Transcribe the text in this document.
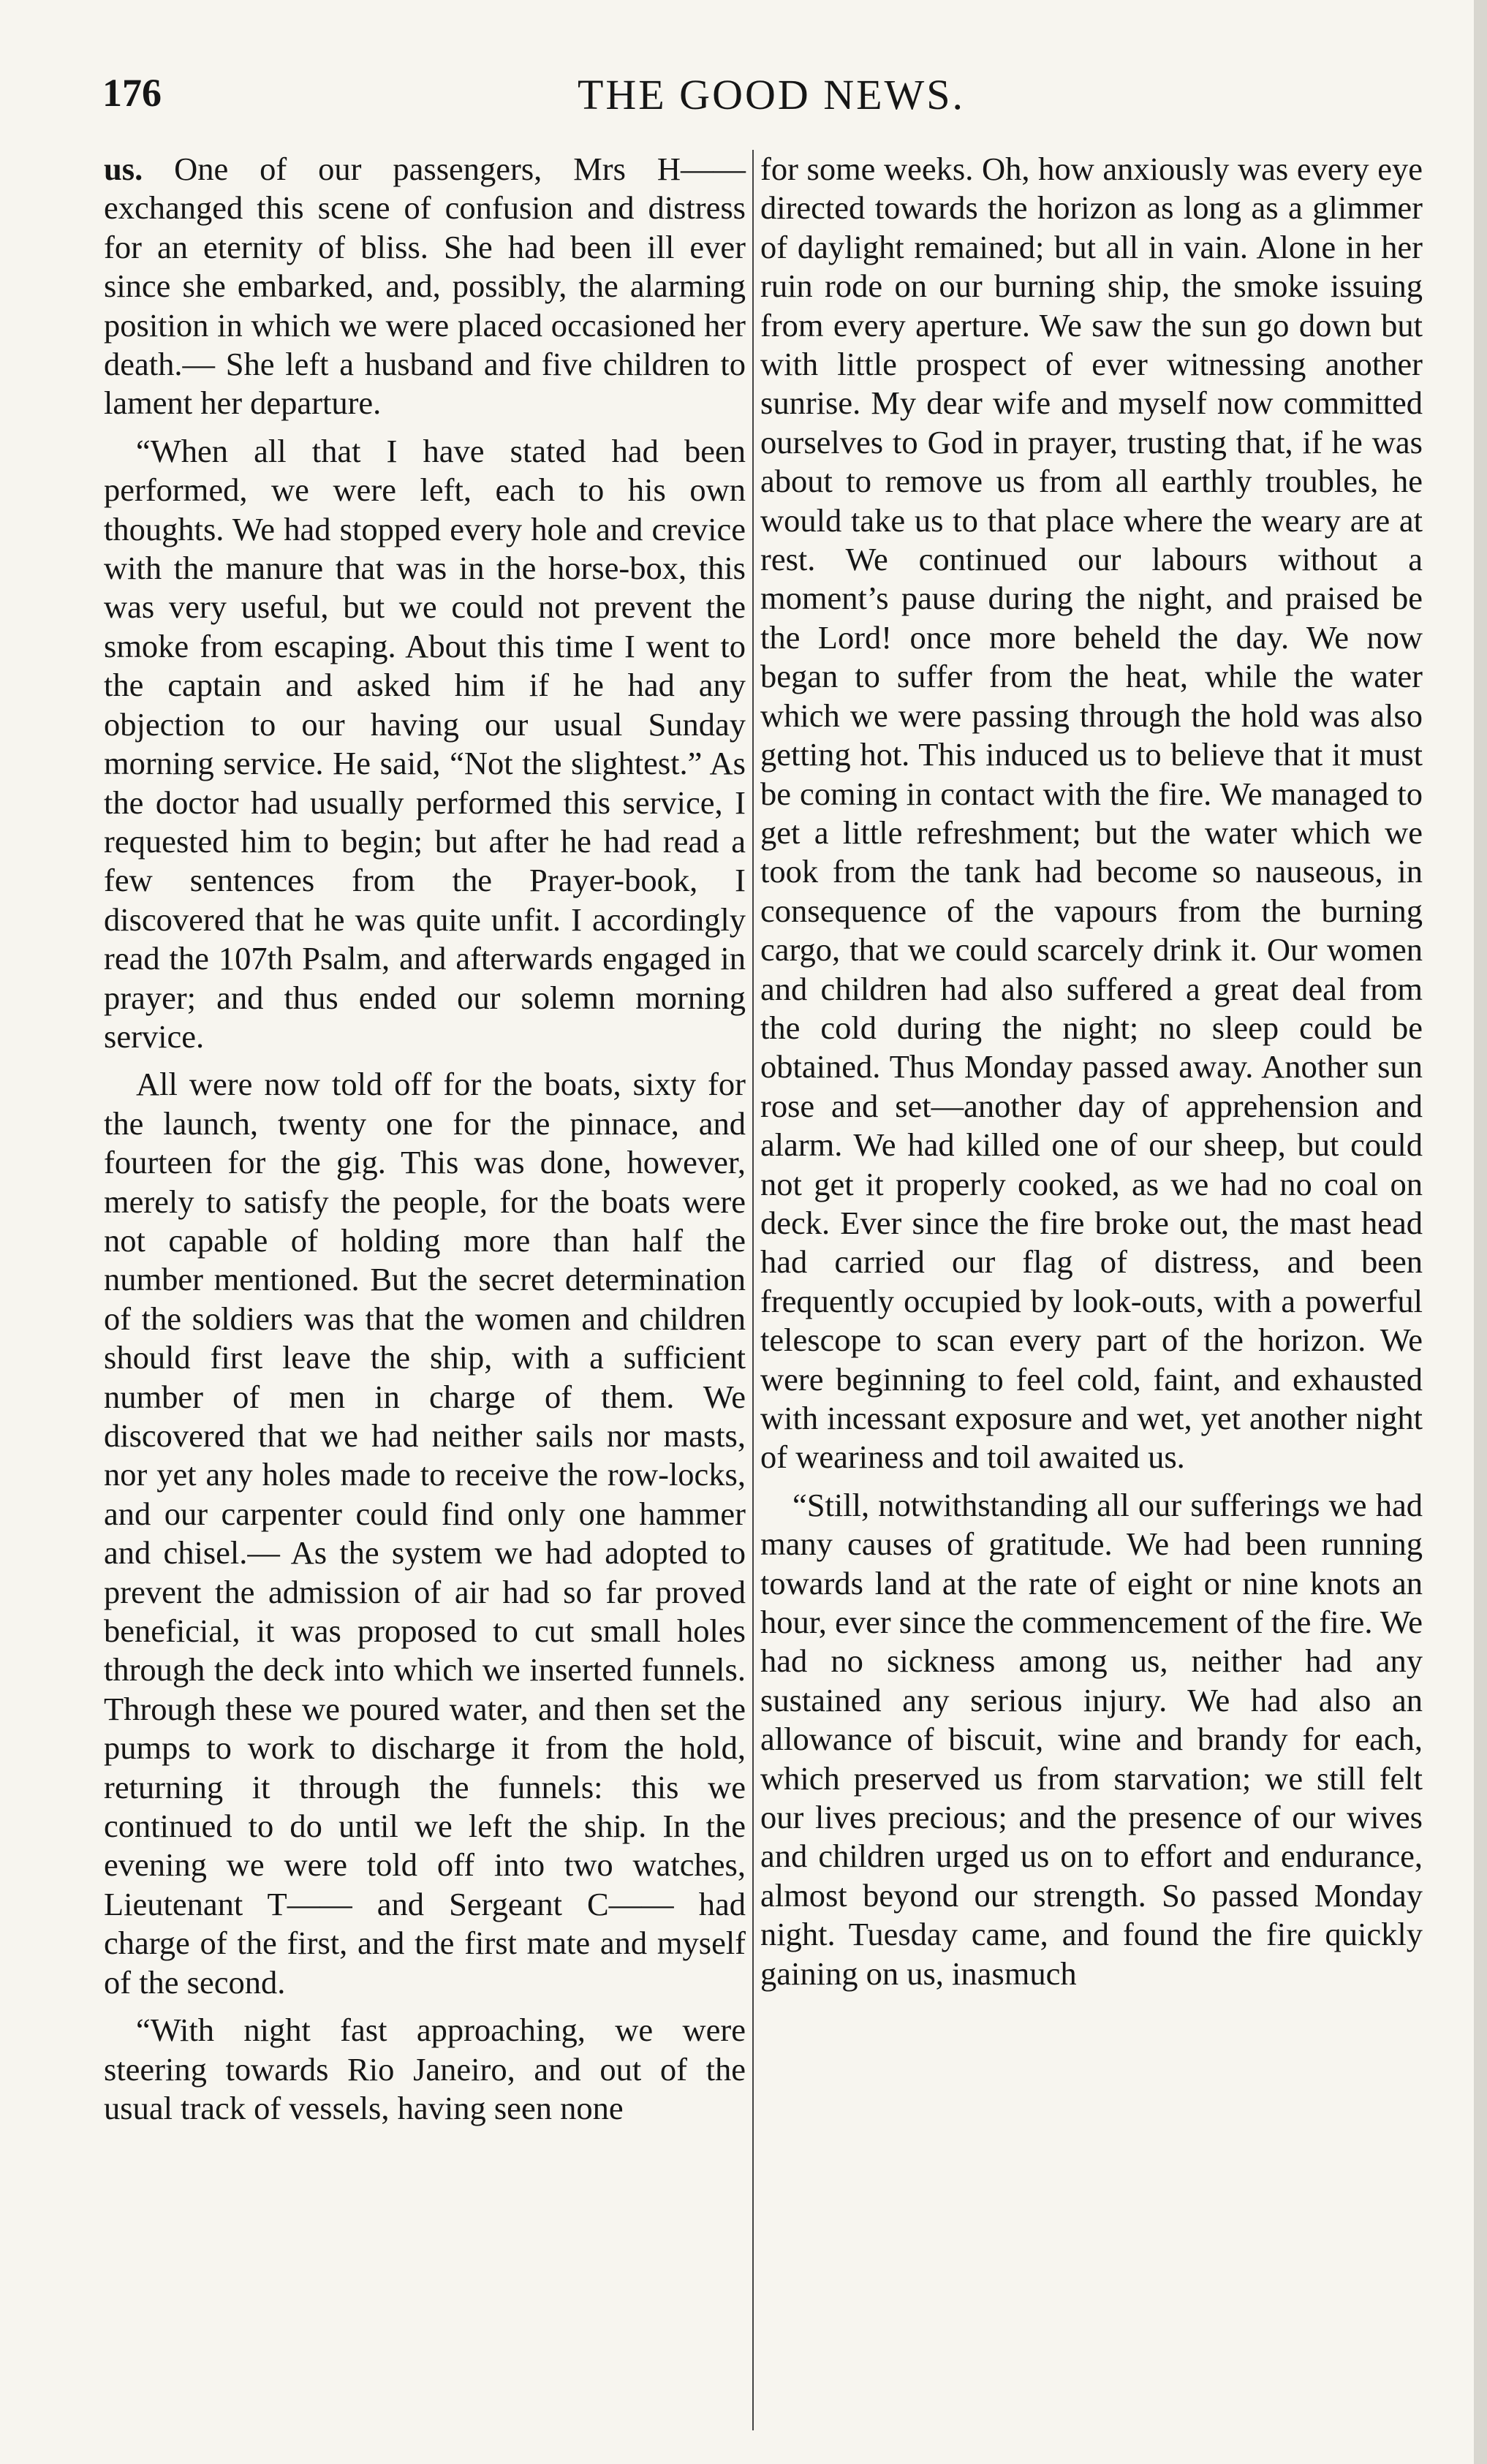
176	THE GOOD NEWS.

us. One of our passengers, Mrs H—— exchanged this scene of confusion and distress for an eternity of bliss. She had been ill ever since she embarked, and, possibly, the alarming position in which we were placed occasioned her death.— She left a husband and five children to lament her departure.

“When all that I have stated had been performed, we were left, each to his own thoughts. We had stopped every hole and crevice with the manure that was in the horse-box, this was very useful, but we could not prevent the smoke from escaping. About this time I went to the captain and asked him if he had any objection to our having our usual Sunday morning service. He said, “Not the slightest.” As the doctor had usually performed this service, I requested him to begin; but after he had read a few sentences from the Prayer-book, I discovered that he was quite unfit. I accordingly read the 107th Psalm, and afterwards engaged in prayer; and thus ended our solemn morning service.

All were now told off for the boats, sixty for the launch, twenty one for the pinnace, and fourteen for the gig. This was done, however, merely to satisfy the people, for the boats were not capable of holding more than half the number mentioned. But the secret determination of the soldiers was that the women and children should first leave the ship, with a sufficient number of men in charge of them. We discovered that we had neither sails nor masts, nor yet any holes made to receive the row-locks, and our carpenter could find only one hammer and chisel.— As the system we had adopted to prevent the admission of air had so far proved beneficial, it was proposed to cut small holes through the deck into which we inserted funnels. Through these we poured water, and then set the pumps to work to discharge it from the hold, returning it through the funnels: this we continued to do until we left the ship. In the evening we were told off into two watches, Lieutenant T—— and Sergeant C—— had charge of the first, and the first mate and myself of the second.

“With night fast approaching, we were steering towards Rio Janeiro, and out of the usual track of vessels, having seen none

for some weeks. Oh, how anxiously was every eye directed towards the horizon as long as a glimmer of daylight remained; but all in vain. Alone in her ruin rode on our burning ship, the smoke issuing from every aperture. We saw the sun go down but with little prospect of ever witnessing another sunrise. My dear wife and myself now committed ourselves to God in prayer, trusting that, if he was about to remove us from all earthly troubles, he would take us to that place where the weary are at rest. We continued our labours without a moment’s pause during the night, and praised be the Lord! once more beheld the day. We now began to suffer from the heat, while the water which we were passing through the hold was also getting hot. This induced us to believe that it must be coming in contact with the fire. We managed to get a little refreshment; but the water which we took from the tank had become so nauseous, in consequence of the vapours from the burning cargo, that we could scarcely drink it. Our women and children had also suffered a great deal from the cold during the night; no sleep could be obtained. Thus Monday passed away. Another sun rose and set—another day of apprehension and alarm. We had killed one of our sheep, but could not get it properly cooked, as we had no coal on deck. Ever since the fire broke out, the mast head had carried our flag of distress, and been frequently occupied by look-outs, with a powerful telescope to scan every part of the horizon. We were beginning to feel cold, faint, and exhausted with incessant exposure and wet, yet another night of weariness and toil awaited us.

“Still, notwithstanding all our sufferings we had many causes of gratitude. We had been running towards land at the rate of eight or nine knots an hour, ever since the commencement of the fire. We had no sickness among us, neither had any sustained any serious injury. We had also an allowance of biscuit, wine and brandy for each, which preserved us from starvation; we still felt our lives precious; and the presence of our wives and children urged us on to effort and endurance, almost beyond our strength. So passed Monday night. Tuesday came, and found the fire quickly gaining on us, inasmuch
